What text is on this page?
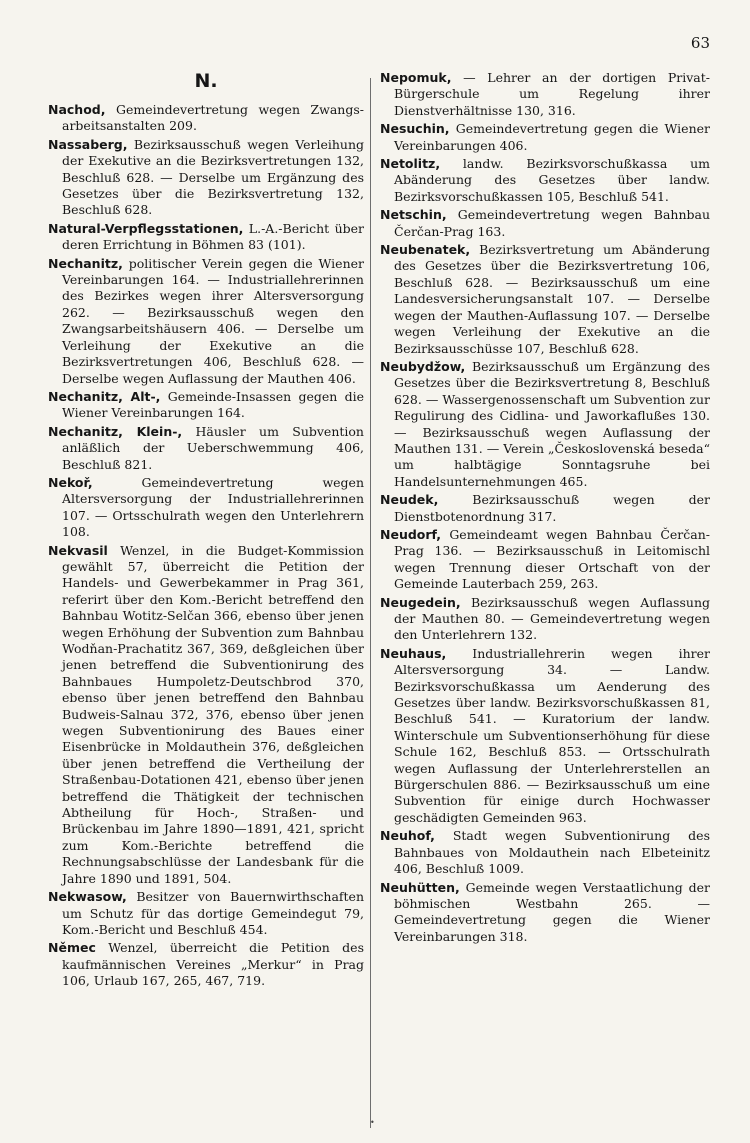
63
N.

Nachod, Gemeindevertretung wegen Zwangs-arbeitsanstalten 209.

Nassaberg, Bezirksausschuß wegen Verleihung der Exekutive an die Bezirksvertretungen 132, Beschluß 628. — Derselbe um Ergänzung des Gesetzes über die Bezirksvertretung 132, Beschluß 628.

Natural-Verpflegsstationen, L.-A.-Bericht über deren Errichtung in Böhmen 83 (101).

Nechanitz, politischer Verein gegen die Wiener Vereinbarungen 164. — Industriallehrerinnen des Bezirkes wegen ihrer Altersversorgung 262. — Bezirksausschuß wegen den Zwangsarbeitshäusern 406. — Derselbe um Verleihung der Exekutive an die Bezirksvertretungen 406, Beschluß 628. — Derselbe wegen Auflassung der Mauthen 406.

Nechanitz, Alt-, Gemeinde-Insassen gegen die Wiener Vereinbarungen 164.

Nechanitz, Klein-, Häusler um Subvention anläßlich der Ueberschwemmung 406, Beschluß 821.

Nekoř, Gemeindevertretung wegen Altersversorgung der Industriallehrerinnen 107. — Ortsschulrath wegen den Unterlehrern 108.

Nekvasil Wenzel, in die Budget-Kommission gewählt 57, überreicht die Petition der Handels- und Gewerbekammer in Prag 361, referirt über den Kom.-Bericht betreffend den Bahnbau Wotitz-Selčan 366, ebenso über jenen wegen Erhöhung der Subvention zum Bahnbau Wodňan-Prachatitz 367, 369, deßgleichen über jenen betreffend die Subventionirung des Bahnbaues Humpoletz-Deutschbrod 370, ebenso über jenen betreffend den Bahnbau Budweis-Salnau 372, 376, ebenso über jenen wegen Subventionirung des Baues einer Eisenbrücke in Moldauthein 376, deßgleichen über jenen betreffend die Vertheilung der Straßenbau-Dotationen 421, ebenso über jenen betreffend die Thätigkeit der technischen Abtheilung für Hoch-, Straßen- und Brückenbau im Jahre 1890—1891, 421, spricht zum Kom.-Berichte betreffend die Rechnungsabschlüsse der Landesbank für die Jahre 1890 und 1891, 504.

Nekwasow, Besitzer von Bauernwirthschaften um Schutz für das dortige Gemeindegut 79, Kom.-Bericht und Beschluß 454.

Němec Wenzel, überreicht die Petition des kaufmännischen Vereines „Merkur“ in Prag 106, Urlaub 167, 265, 467, 719.

Nepomuk, — Lehrer an der dortigen Privat-Bürgerschule um Regelung ihrer Dienstverhältnisse 130, 316.

Nesuchin, Gemeindevertretung gegen die Wiener Vereinbarungen 406.

Netolitz, landw. Bezirksvorschußkassa um Abänderung des Gesetzes über landw. Bezirksvorschußkassen 105, Beschluß 541.

Netschin, Gemeindevertretung wegen Bahnbau Čerčan-Prag 163.

Neubenatek, Bezirksvertretung um Abänderung des Gesetzes über die Bezirksvertretung 106, Beschluß 628. — Bezirksausschuß um eine Landesversicherungsanstalt 107. — Derselbe wegen der Mauthen-Auflassung 107. — Derselbe wegen Verleihung der Exekutive an die Bezirksausschüsse 107, Beschluß 628.

Neubydžow, Bezirksausschuß um Ergänzung des Gesetzes über die Bezirksvertretung 8, Beschluß 628. — Wassergenossenschaft um Subvention zur Regulirung des Cidlina- und Jaworkaflußes 130. — Bezirksausschuß wegen Auflassung der Mauthen 131. — Verein „Československá beseda“ um halbtägige Sonntagsruhe bei Handelsunternehmungen 465.

Neudek, Bezirksausschuß wegen der Dienstbotenordnung 317.

Neudorf, Gemeindeamt wegen Bahnbau Čerčan-Prag 136. — Bezirksausschuß in Leitomischl wegen Trennung dieser Ortschaft von der Gemeinde Lauterbach 259, 263.

Neugedein, Bezirksausschuß wegen Auflassung der Mauthen 80. — Gemeindevertretung wegen den Unterlehrern 132.

Neuhaus, Industriallehrerin wegen ihrer Altersversorgung 34. — Landw. Bezirksvorschußkassa um Aenderung des Gesetzes über landw. Bezirksvorschußkassen 81, Beschluß 541. — Kuratorium der landw. Winterschule um Subventionserhöhung für diese Schule 162, Beschluß 853. — Ortsschulrath wegen Auflassung der Unterlehrerstellen an Bürgerschulen 886. — Bezirksausschuß um eine Subvention für einige durch Hochwasser geschädigten Gemeinden 963.

Neuhof, Stadt wegen Subventionirung des Bahnbaues von Moldauthein nach Elbeteinitz 406, Beschluß 1009.

Neuhütten, Gemeinde wegen Verstaatlichung der böhmischen Westbahn 265. — Gemeindevertretung gegen die Wiener Vereinbarungen 318.

•
